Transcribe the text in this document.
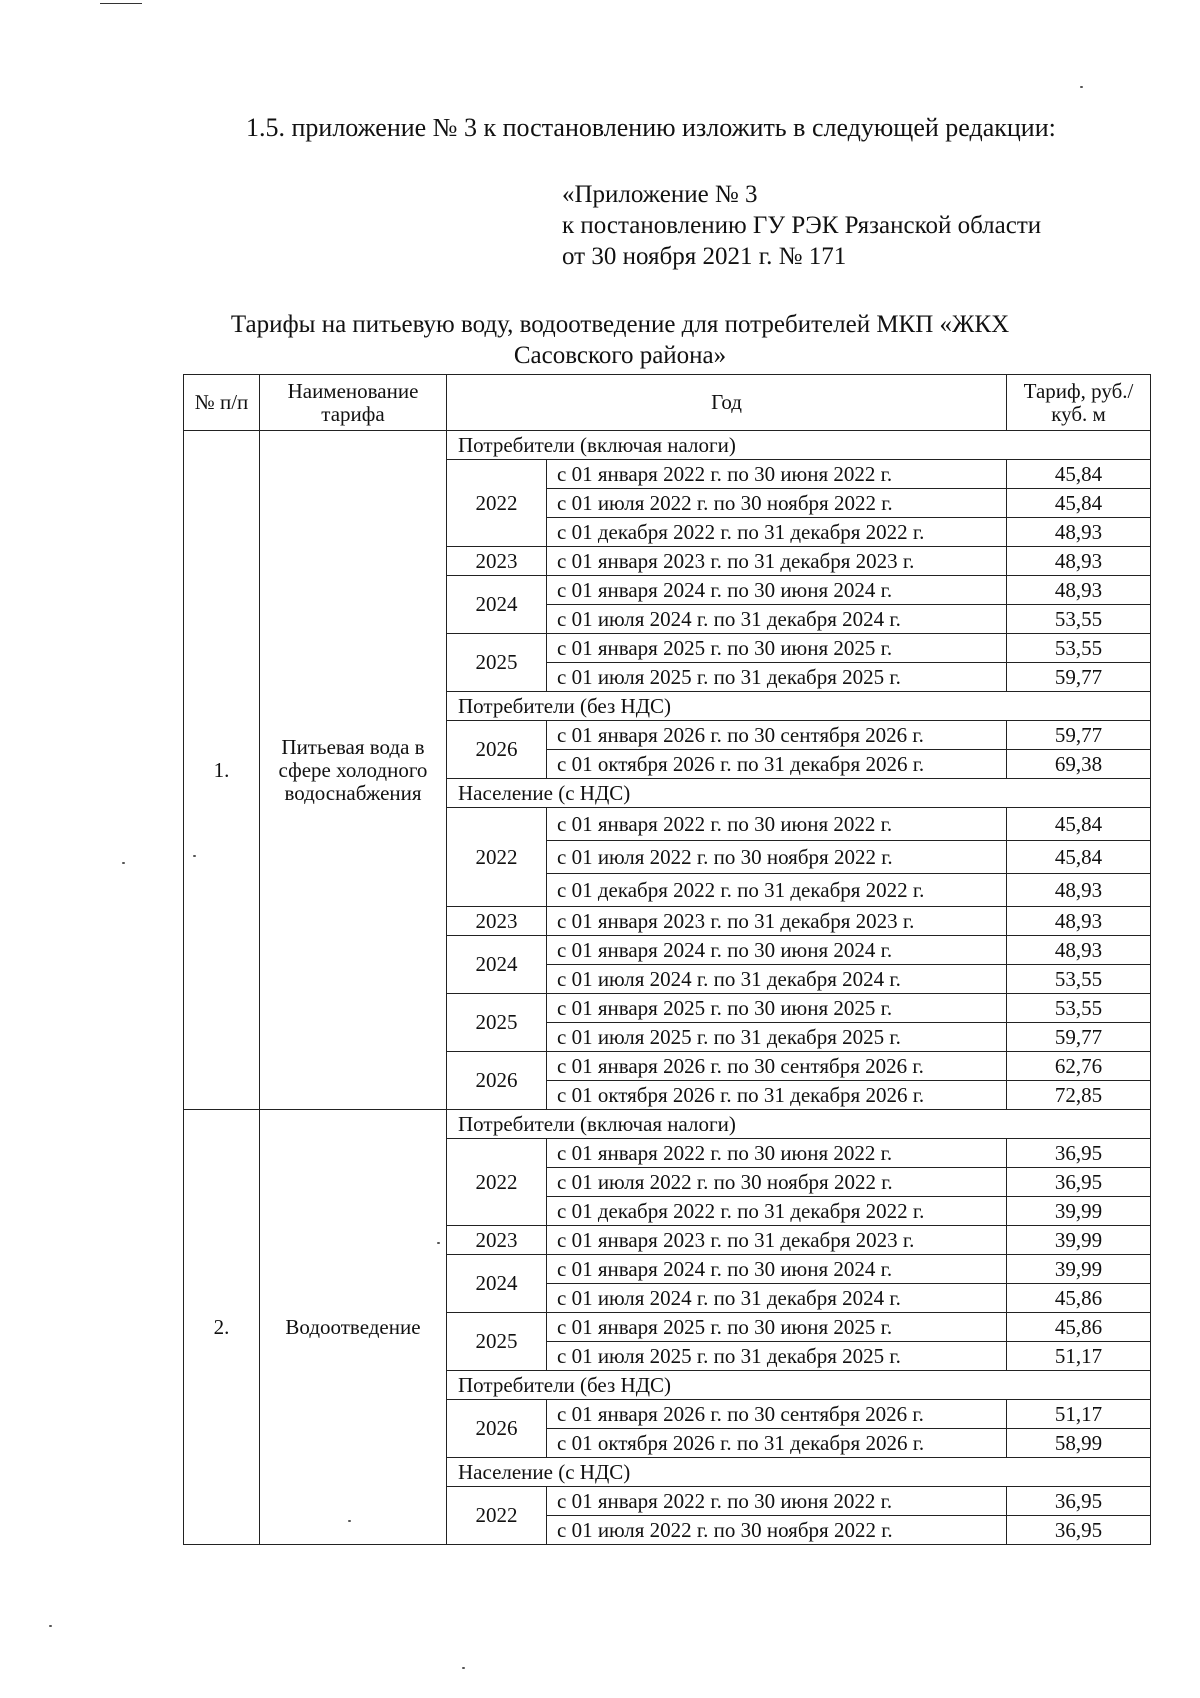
1.5. приложение № 3 к постановлению изложить в следующей редакции:
«Приложение № 3
к постановлению ГУ РЭК Рязанской области
от 30 ноября 2021 г. № 171
Тарифы на питьевую воду, водоотведение для потребителей МКП «ЖКХ
Сасовского района»
№ п/п	Наименование тарифа	Год		Тариф, руб./куб. м
1.	Питьевая вода в сфере холодного водоснабжения	Потребители (включая налоги)		
		2022	с 01 января 2022 г. по 30 июня 2022 г.	45,84
			с 01 июля 2022 г. по 30 ноября 2022 г.	45,84
			с 01 декабря 2022 г. по 31 декабря 2022 г.	48,93
		2023	с 01 января 2023 г. по 31 декабря 2023 г.	48,93
		2024	с 01 января 2024 г. по 30 июня 2024 г.	48,93
			с 01 июля 2024 г. по 31 декабря 2024 г.	53,55
		2025	с 01 января 2025 г. по 30 июня 2025 г.	53,55
			с 01 июля 2025 г. по 31 декабря 2025 г.	59,77
		Потребители (без НДС)		
		2026	с 01 января 2026 г. по 30 сентября 2026 г.	59,77
			с 01 октября 2026 г. по 31 декабря 2026 г.	69,38
		Население (с НДС)		
		2022	с 01 января 2022 г. по 30 июня 2022 г.	45,84
			с 01 июля 2022 г. по 30 ноября 2022 г.	45,84
			с 01 декабря 2022 г. по 31 декабря 2022 г.	48,93
		2023	с 01 января 2023 г. по 31 декабря 2023 г.	48,93
		2024	с 01 января 2024 г. по 30 июня 2024 г.	48,93
			с 01 июля 2024 г. по 31 декабря 2024 г.	53,55
		2025	с 01 января 2025 г. по 30 июня 2025 г.	53,55
			с 01 июля 2025 г. по 31 декабря 2025 г.	59,77
		2026	с 01 января 2026 г. по 30 сентября 2026 г.	62,76
			с 01 октября 2026 г. по 31 декабря 2026 г.	72,85
2.	Водоотведение	Потребители (включая налоги)		
		2022	с 01 января 2022 г. по 30 июня 2022 г.	36,95
			с 01 июля 2022 г. по 30 ноября 2022 г.	36,95
			с 01 декабря 2022 г. по 31 декабря 2022 г.	39,99
		2023	с 01 января 2023 г. по 31 декабря 2023 г.	39,99
		2024	с 01 января 2024 г. по 30 июня 2024 г.	39,99
			с 01 июля 2024 г. по 31 декабря 2024 г.	45,86
		2025	с 01 января 2025 г. по 30 июня 2025 г.	45,86
			с 01 июля 2025 г. по 31 декабря 2025 г.	51,17
		Потребители (без НДС)		
		2026	с 01 января 2026 г. по 30 сентября 2026 г.	51,17
			с 01 октября 2026 г. по 31 декабря 2026 г.	58,99
		Население (с НДС)		
		2022	с 01 января 2022 г. по 30 июня 2022 г.	36,95
			с 01 июля 2022 г. по 30 ноября 2022 г.	36,95
